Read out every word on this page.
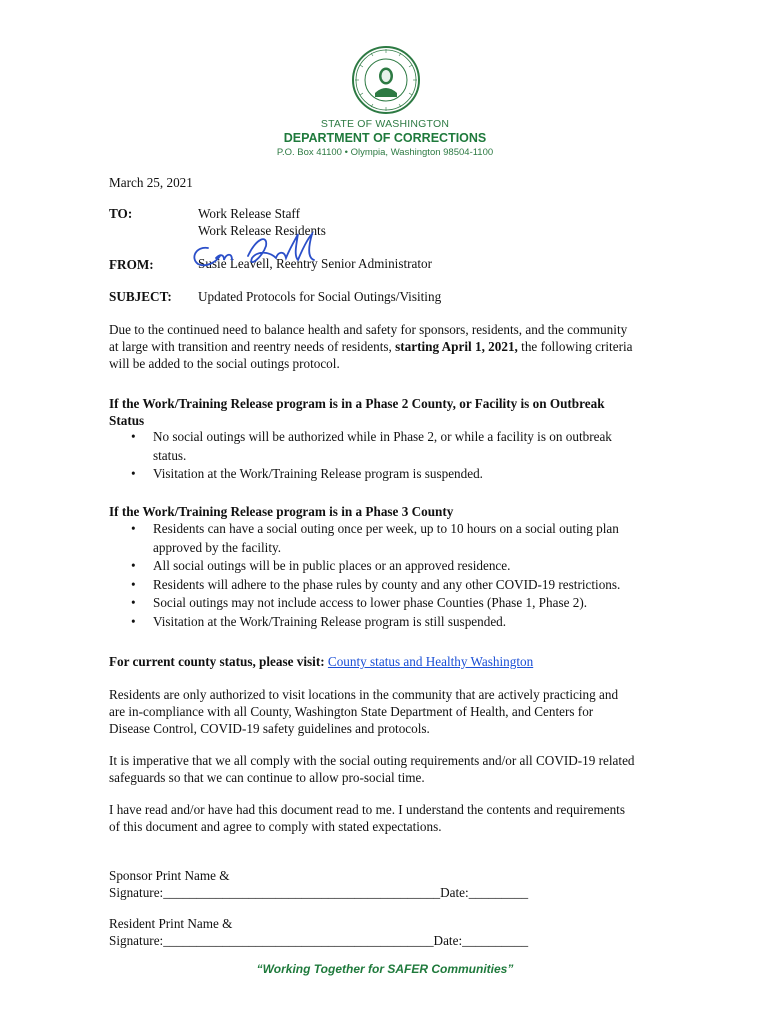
STATE OF WASHINGTON
DEPARTMENT OF CORRECTIONS
P.O. Box 41100 • Olympia, Washington 98504-1100
March 25, 2021
TO:	Work Release Staff
Work Release Residents
FROM:	Susie Leavell, Reentry Senior Administrator
SUBJECT: Updated Protocols for Social Outings/Visiting
Due to the continued need to balance health and safety for sponsors, residents, and the community
at large with transition and reentry needs of residents, starting April 1, 2021, the following criteria
will be added to the social outings protocol.
If the Work/Training Release program is in a Phase 2 County, or Facility is on Outbreak
Status
• No social outings will be authorized while in Phase 2, or while a facility is on outbreak
status.
• Visitation at the Work/Training Release program is suspended.
If the Work/Training Release program is in a Phase 3 County
• Residents can have a social outing once per week, up to 10 hours on a social outing plan
approved by the facility.
• All social outings will be in public places or an approved residence.
• Residents will adhere to the phase rules by county and any other COVID-19 restrictions.
• Social outings may not include access to lower phase Counties (Phase 1, Phase 2).
• Visitation at the Work/Training Release program is still suspended.
For current county status, please visit: County status and Healthy Washington
Residents are only authorized to visit locations in the community that are actively practicing and
are in-compliance with all County, Washington State Department of Health, and Centers for
Disease Control, COVID-19 safety guidelines and protocols.
It is imperative that we all comply with the social outing requirements and/or all COVID-19 related
safeguards so that we can continue to allow pro-social time.
I have read and/or have had this document read to me. I understand the contents and requirements
of this document and agree to comply with stated expectations.
Sponsor Print Name &
Signature:__________________________________________Date:_________
Resident Print Name &
Signature:_________________________________________Date:__________
“Working Together for SAFER Communities”
